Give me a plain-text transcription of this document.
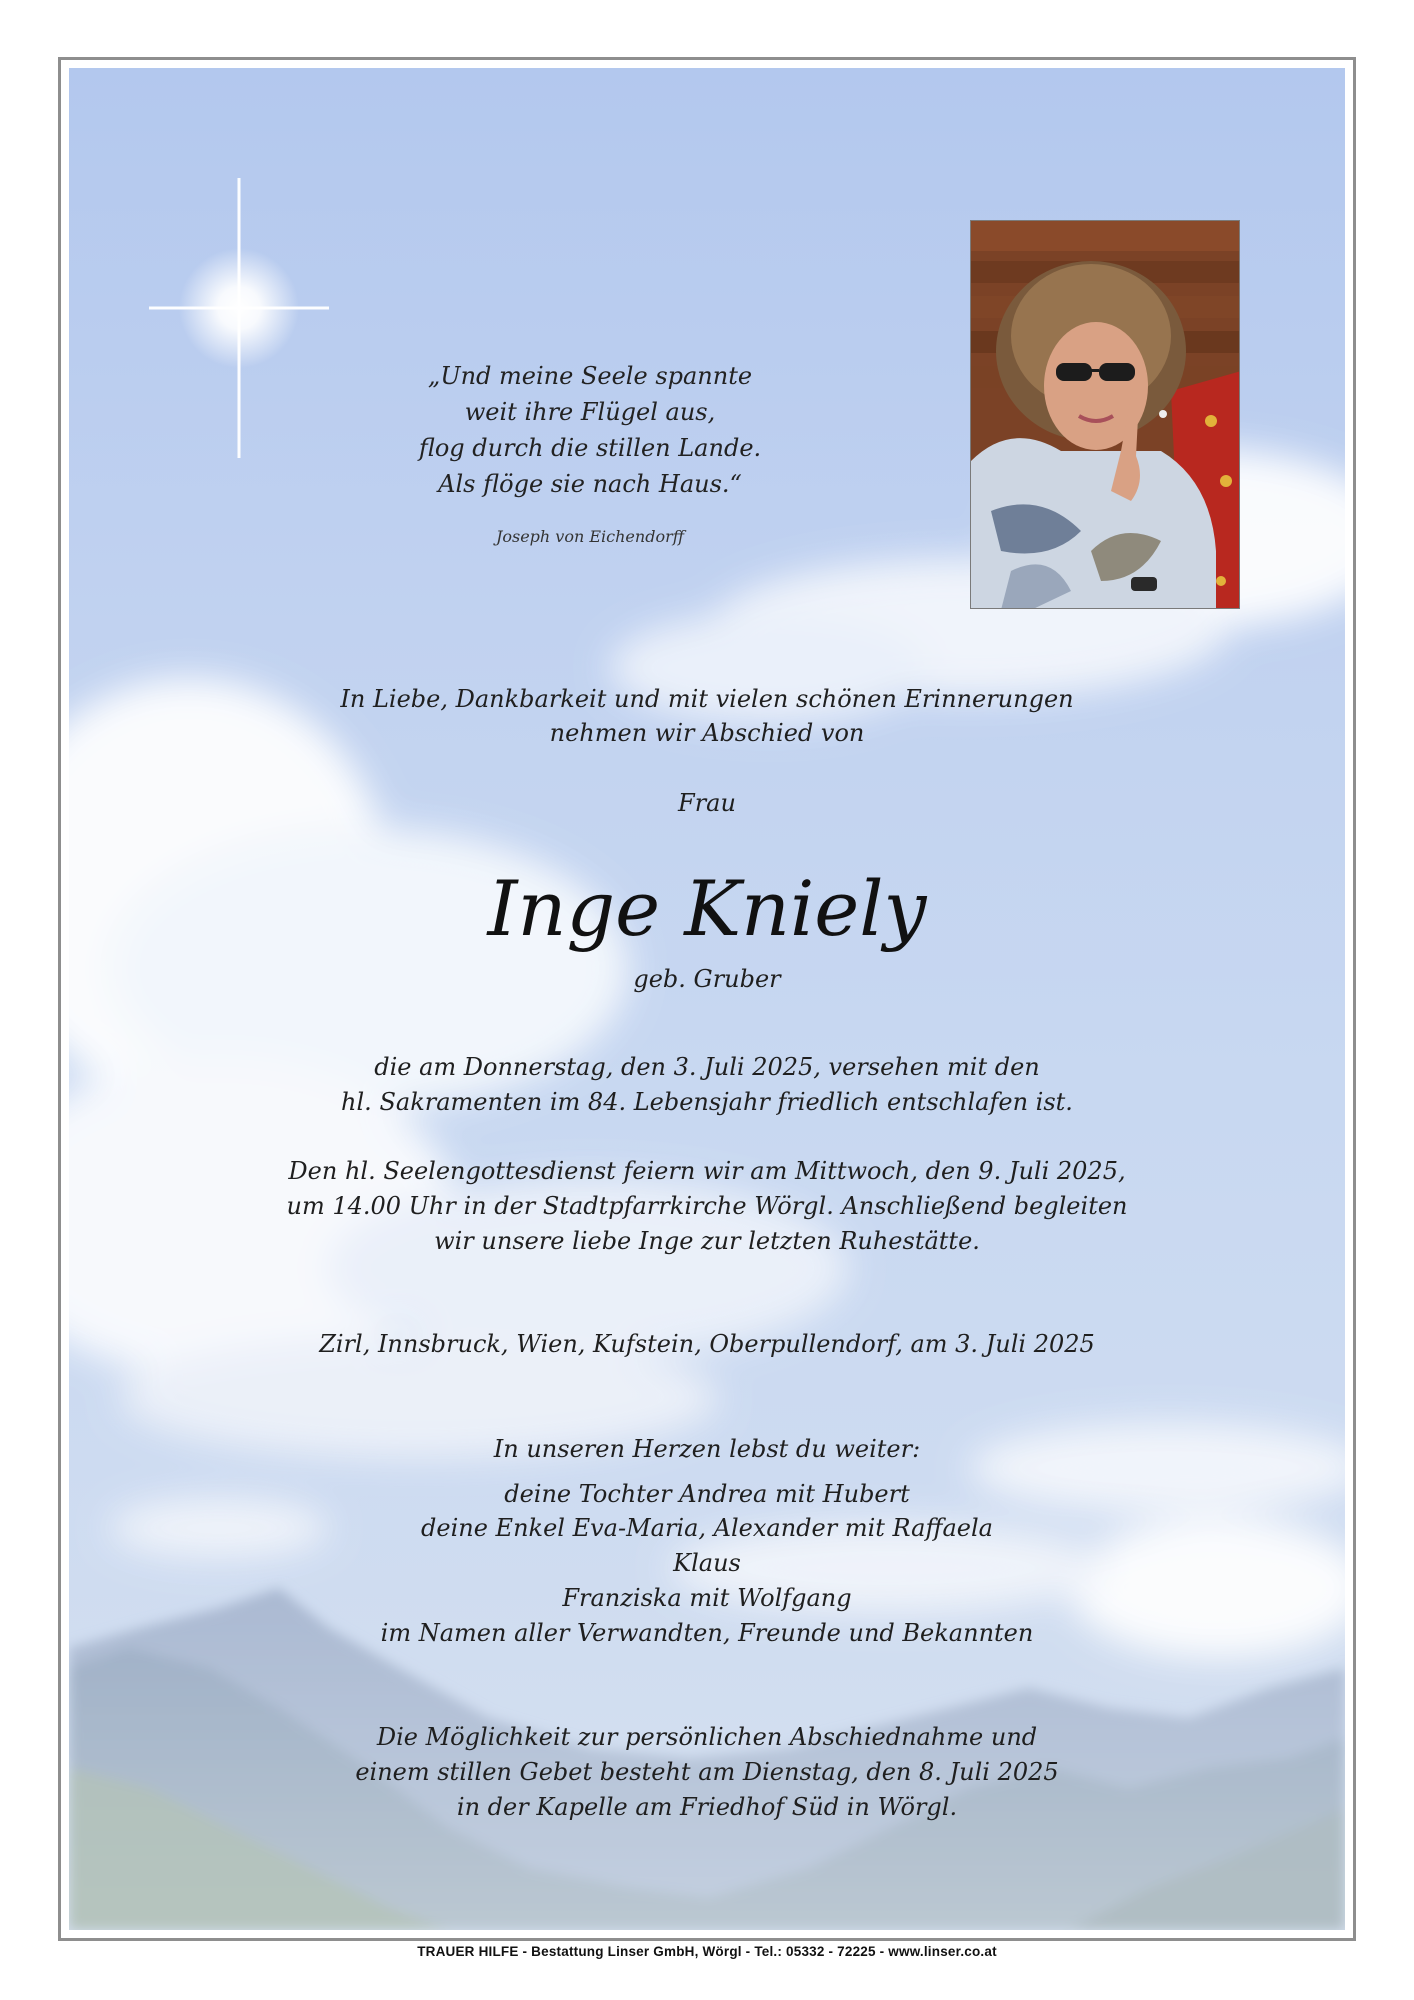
„Und meine Seele spannte

weit ihre Flügel aus,

flog durch die stillen Lande.

Als flöge sie nach Haus.“

Joseph von Eichendorff

In Liebe, Dankbarkeit und mit vielen schönen Erinnerungen

nehmen wir Abschied von

Frau

Inge Kniely

geb. Gruber

die am Donnerstag, den 3. Juli 2025, versehen mit den

hl. Sakramenten im 84. Lebensjahr friedlich entschlafen ist.

Den hl. Seelengottesdienst feiern wir am Mittwoch, den 9. Juli 2025,

um 14.00 Uhr in der Stadtpfarrkirche Wörgl. Anschließend begleiten

wir unsere liebe Inge zur letzten Ruhestätte.

Zirl, Innsbruck, Wien, Kufstein, Oberpullendorf, am 3. Juli 2025

In unseren Herzen lebst du weiter:

deine Tochter Andrea mit Hubert

deine Enkel Eva-Maria, Alexander mit Raffaela

Klaus

Franziska mit Wolfgang

im Namen aller Verwandten, Freunde und Bekannten

Die Möglichkeit zur persönlichen Abschiednahme und

einem stillen Gebet besteht am Dienstag, den 8. Juli 2025

in der Kapelle am Friedhof Süd in Wörgl.

TRAUER HILFE - Bestattung Linser GmbH, Wörgl - Tel.: 05332 - 72225 - www.linser.co.at
